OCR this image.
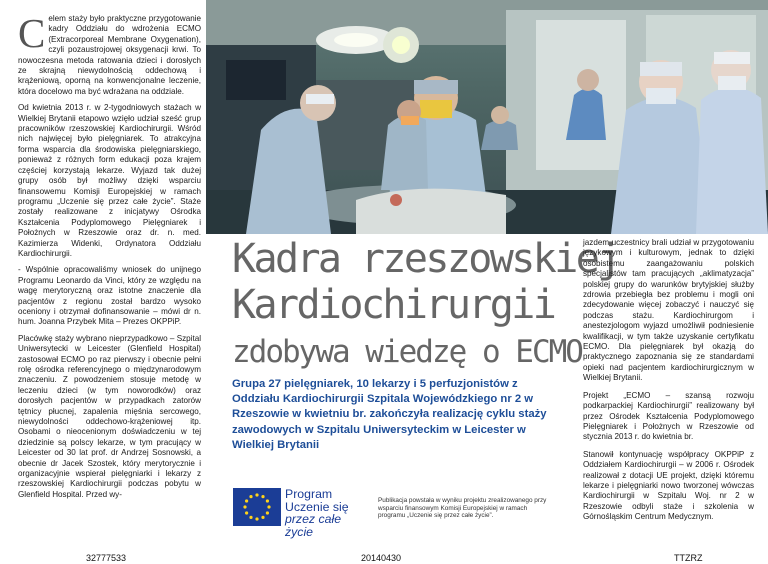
Celem staży było praktyczne przygotowanie kadry Oddziału do wdrożenia ECMO (Extracorporeal Membrane Oxygenation), czyli pozaustrojowej oksygenacji krwi. To nowoczesna metoda ratowania dzieci i dorosłych ze skrajną niewydolnością oddechową i krążeniową, oporną na konwencjonalne leczenie, która docelowo ma być wdrażana na oddziale.

Od kwietnia 2013 r. w 2-tygodniowych stażach w Wielkiej Brytanii etapowo wzięło udział sześć grup pracowników rzeszowskiej Kardiochirurgii. Wśród nich najwięcej było pielęgniarek. To atrakcyjna forma wsparcia dla środowiska pielęgniarskiego, ponieważ z różnych form edukacji poza krajem częściej korzystają lekarze. Wyjazd tak dużej grupy osób był możliwy dzięki wsparciu finansowemu Komisji Europejskiej w ramach programu „Uczenie się przez całe życie”. Staże zostały realizowane z inicjatywy Ośrodka Kształcenia Podyplomowego Pielęgniarek i Położnych w Rzeszowie oraz dr. n. med. Kazimierza Widenki, Ordynatora Oddziału Kardiochirurgii.

- Wspólnie opracowaliśmy wniosek do unijnego Programu Leonardo da Vinci, który ze względu na wagę merytoryczną oraz istotne znaczenie dla pacjentów z regionu został bardzo wysoko oceniony i otrzymał dofinansowanie – mówi dr n. hum. Joanna Przybek Mita – Prezes OKPPiP.

Placówkę staży wybrano nieprzypadkowo – Szpital Uniwersytecki w Leicester (Glenfield Hospital) zastosował ECMO po raz pierwszy i obecnie pełni rolę ośrodka referencyjnego o międzynarodowym znaczeniu. Z powodzeniem stosuje metodę w leczeniu dzieci (w tym noworodków) oraz dorosłych pacjentów w przypadkach zatorów tętnicy płucnej, zapalenia mięśnia sercowego, niewydolności oddechowo-krążeniowej itp. Osobami o nieocenionym doświadczeniu w tej dziedzinie są polscy lekarze, w tym pracujący w Leicester od 30 lat prof. dr Andrzej Sosnowski, a obecnie dr Jacek Szostek, który merytorycznie i organizacyjnie wspierał pielęgniarki i lekarzy z rzeszowskiej Kardiochirurgii podczas pobytu w Glenfield Hospital. Przed wy-

Kadra rzeszowskiej
Kardiochirurgii
zdobywa wiedzę o ECMO

Grupa 27 pielęgniarek, 10 lekarzy i 5 perfuzjonistów z Oddziału Kardiochirurgii Szpitala Wojewódzkiego nr 2 w Rzeszowie w kwietniu br. zakończyła realizację cyklu staży zawodowych w Szpitalu Uniwersyteckim w Leicester w Wielkiej Brytanii

Program
Uczenie się
przez całe życie
Publikacja powstała w wyniku projektu zrealizowanego przy wsparciu finansowym Komisji Europejskiej w ramach programu „Uczenie się przez całe życie”.

jazdem uczestnicy brali udział w przygotowaniu językowym i kulturowym, jednak to dzięki osobistemu zaangażowaniu polskich specjalistów tam pracujących „aklimatyzacja” polskiej grupy do warunków brytyjskiej służby zdrowia przebiegła bez problemu i mogli oni zdecydowanie więcej zobaczyć i nauczyć się podczas stażu. Kardiochirurgom i anestezjologom wyjazd umożliwił podniesienie kwalifikacji, w tym także uzyskanie certyfikatu ECMO. Dla pielęgniarek był okazją do praktycznego zapoznania się ze standardami opieki nad pacjentem kardiochirurgicznym w Wielkiej Brytanii.

Projekt „ECMO – szansą rozwoju podkarpackiej Kardiochirurgii” realizowany był przez Ośrodek Kształcenia Podyplomowego Pielęgniarek i Położnych w Rzeszowie od stycznia 2013 r. do kwietnia br.

Stanowił kontynuację współpracy OKPPiP z Oddziałem Kardiochirurgii – w 2006 r. Ośrodek realizował z dotacji UE projekt, dzięki któremu lekarze i pielęgniarki nowo tworzonej wówczas Kardiochirurgii w Szpitalu Woj. nr 2 w Rzeszowie odbyli staże i szkolenia w Górnośląskim Centrum Medycznym.

32777533	20140430	TTZRZ
